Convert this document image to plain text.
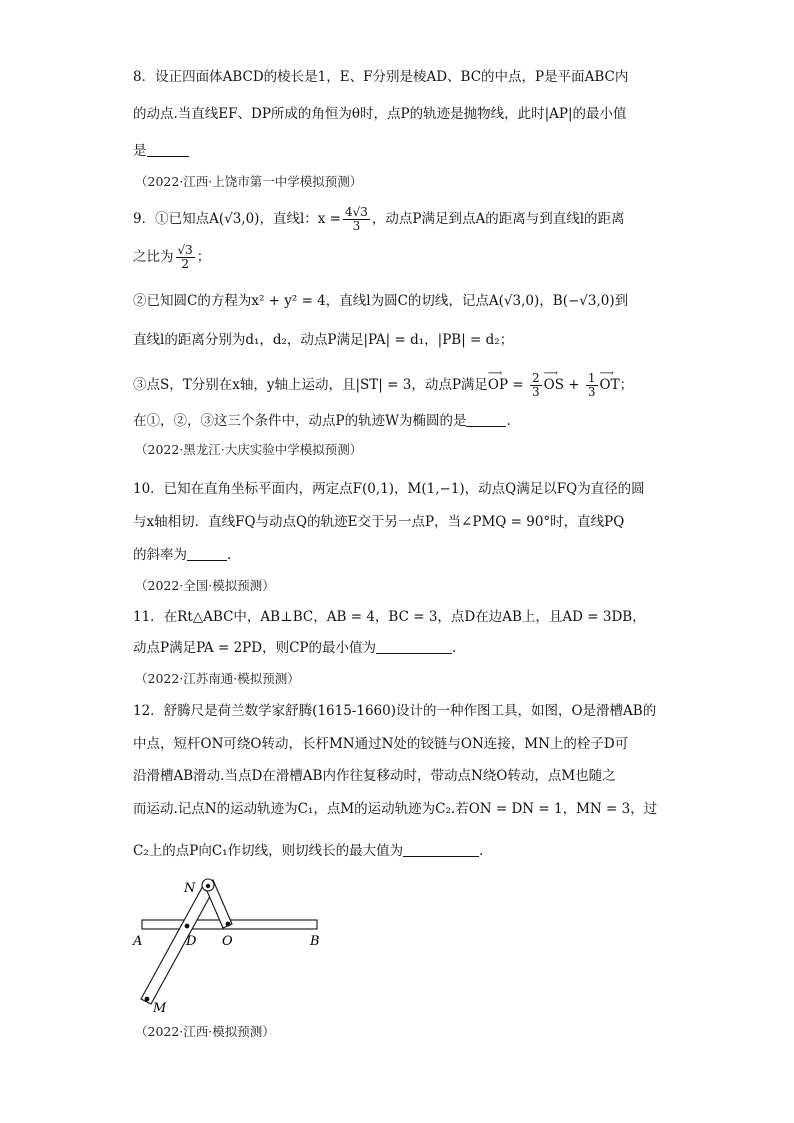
8．设正四面体ABCD的棱长是1，E、F分别是棱AD、BC的中点，P是平面ABC内
的动点.当直线EF、DP所成的角恒为θ时，点P的轨迹是抛物线，此时|AP|的最小值
是
（2022·江西·上饶市第一中学模拟预测）
9．①已知点A(√3,0)，直线l：$x = \frac{4√3}{3}$ ，动点P满足到点A的距离与到直线l的距离
之比为 $\frac{√3}{2}$ ；
②已知圆C的方程为x² + y² = 4，直线l为圆C的切线，记点A(√3,0)，B(−√3,0)到
直线l的距离分别为d₁，d₂，动点P满足|PA| = d₁，|PB| = d₂；
③点S，T分别在x轴，y轴上运动，且|ST| = 3，动点P满足⟶ OP = $\frac{2}{3}$ ⟶ OS + $\frac{1}{3}$ ⟶ OT；
在①，②，③这三个条件中，动点P的轨迹W为椭圆的是	.
（2022·黑龙江·大庆实验中学模拟预测）
10．已知在直角坐标平面内，两定点F(0,1)，M(1,−1)，动点Q满足以FQ为直径的圆
与x轴相切．直线FQ与动点Q的轨迹E交于另一点P，当∠PMQ = 90°时，直线PQ
的斜率为	.
（2022·全国·模拟预测）
11．在Rt△ABC中，AB⊥BC，AB = 4，BC = 3，点D在边AB上，且AD = 3DB，
动点P满足PA = 2PD，则CP的最小值为	.
（2022·江苏南通·模拟预测）
12．舒腾尺是荷兰数学家舒腾(1615-1660)设计的一种作图工具，如图，O是滑槽AB的
中点，短杆ON可绕O转动，长杆MN通过N处的铰链与ON连接，MN上的栓子D可
沿滑槽AB滑动.当点D在滑槽AB内作往复移动时，带动点N绕O转动，点M也随之
而运动.记点N的运动轨迹为C₁，点M的运动轨迹为C₂.若ON = DN = 1，MN = 3，过
C₂上的点P向C₁作切线，则切线长的最大值为	.
N
A	D O	B
M
（2022·江西·模拟预测）
